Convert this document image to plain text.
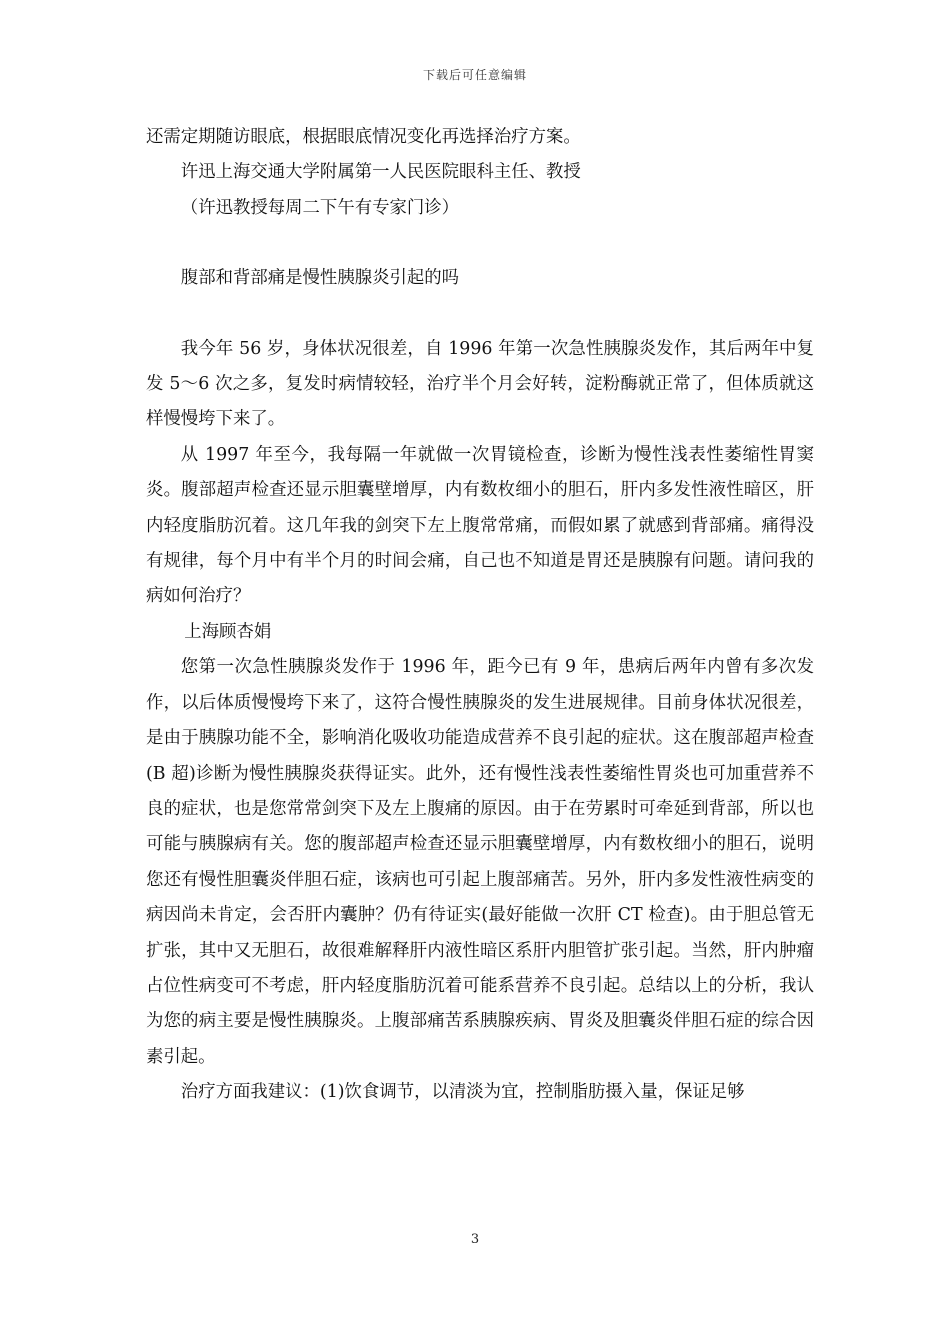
下载后可任意编辑

还需定期随访眼底，根据眼底情况变化再选择治疗方案。

许迅上海交通大学附属第一人民医院眼科主任、教授

（许迅教授每周二下午有专家门诊）

腹部和背部痛是慢性胰腺炎引起的吗

我今年 56 岁，身体状况很差，自 1996 年第一次急性胰腺炎发作，其后两年中复发 5～6 次之多，复发时病情较轻，治疗半个月会好转，淀粉酶就正常了，但体质就这样慢慢垮下来了。

从 1997 年至今，我每隔一年就做一次胃镜检查，诊断为慢性浅表性萎缩性胃窦炎。腹部超声检查还显示胆囊壁增厚，内有数枚细小的胆石，肝内多发性液性暗区，肝内轻度脂肪沉着。这几年我的剑突下左上腹常常痛，而假如累了就感到背部痛。痛得没有规律，每个月中有半个月的时间会痛，自己也不知道是胃还是胰腺有问题。请问我的病如何治疗？

上海顾杏娟

您第一次急性胰腺炎发作于 1996 年，距今已有 9 年，患病后两年内曾有多次发作，以后体质慢慢垮下来了，这符合慢性胰腺炎的发生进展规律。目前身体状况很差，是由于胰腺功能不全，影响消化吸收功能造成营养不良引起的症状。这在腹部超声检查(B 超)诊断为慢性胰腺炎获得证实。此外，还有慢性浅表性萎缩性胃炎也可加重营养不良的症状，也是您常常剑突下及左上腹痛的原因。由于在劳累时可牵延到背部，所以也可能与胰腺病有关。您的腹部超声检查还显示胆囊壁增厚，内有数枚细小的胆石，说明您还有慢性胆囊炎伴胆石症，该病也可引起上腹部痛苦。另外，肝内多发性液性病变的病因尚未肯定，会否肝内囊肿？仍有待证实(最好能做一次肝 CT 检查)。由于胆总管无扩张，其中又无胆石，故很难解释肝内液性暗区系肝内胆管扩张引起。当然，肝内肿瘤占位性病变可不考虑，肝内轻度脂肪沉着可能系营养不良引起。总结以上的分析，我认为您的病主要是慢性胰腺炎。上腹部痛苦系胰腺疾病、胃炎及胆囊炎伴胆石症的综合因素引起。

治疗方面我建议：(1)饮食调节，以清淡为宜，控制脂肪摄入量，保证足够

3
